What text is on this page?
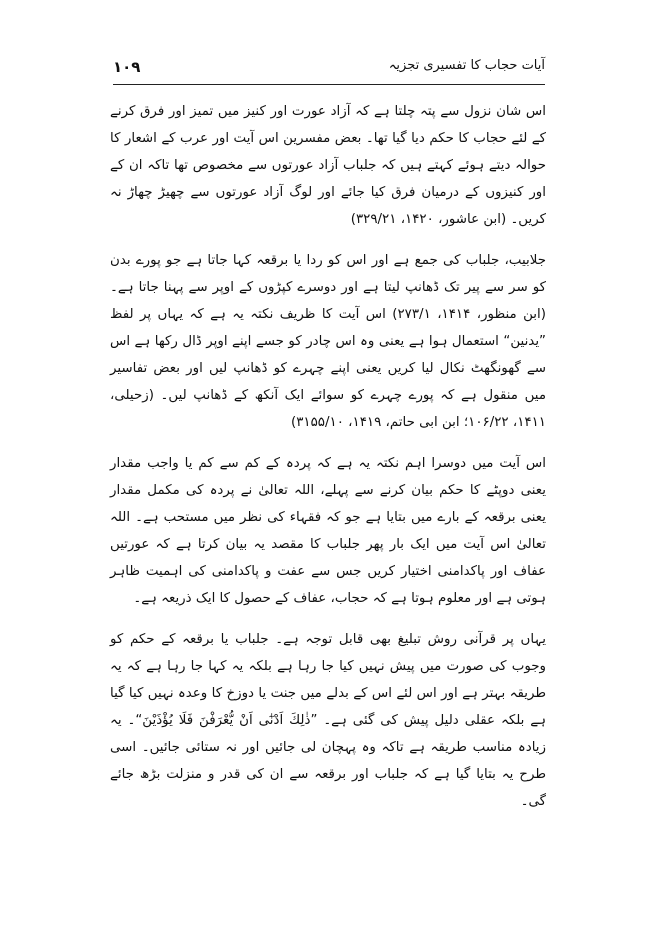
۱۰۹	آیات حجاب کا تفسیری تجزیہ

اس شان نزول سے پتہ چلتا ہے کہ آزاد عورت اور کنیز میں تمیز اور فرق کرنے کے لئے حجاب کا حکم دیا گیا تھا۔ بعض مفسرین اس آیت اور عرب کے اشعار کا حوالہ دیتے ہوئے کہتے ہیں کہ جلباب آزاد عورتوں سے مخصوص تھا تاکہ ان کے اور کنیزوں کے درمیان فرق کیا جائے اور لوگ آزاد عورتوں سے چھیڑ چھاڑ نہ کریں۔ (ابن عاشور، ۱۴۲۰، ۳۲۹/۲۱)

جلابیب، جلباب کی جمع ہے اور اس کو ردا یا برقعہ کہا جاتا ہے جو پورے بدن کو سر سے پیر تک ڈھانپ لیتا ہے اور دوسرے کپڑوں کے اوپر سے پہنا جاتا ہے۔ (ابن منظور، ۱۴۱۴، ۲۷۳/۱) اس آیت کا ظریف نکتہ یہ ہے کہ یہاں پر لفظ ”یدنین“ استعمال ہوا ہے یعنی وہ اس چادر کو جسے اپنے اوپر ڈال رکھا ہے اس سے گھونگھٹ نکال لیا کریں یعنی اپنے چہرے کو ڈھانپ لیں اور بعض تفاسیر میں منقول ہے کہ پورے چہرے کو سوائے ایک آنکھ کے ڈھانپ لیں۔ (زحیلی، ۱۴۱۱، ۱۰۶/۲۲؛ ابن ابی حاتم، ۱۴۱۹، ۳۱۵۵/۱۰)

اس آیت میں دوسرا اہم نکتہ یہ ہے کہ پردہ کے کم سے کم یا واجب مقدار یعنی دوپٹے کا حکم بیان کرنے سے پہلے، اللہ تعالیٰ نے پردہ کی مکمل مقدار یعنی برقعہ کے بارے میں بتایا ہے جو کہ فقہاء کی نظر میں مستحب ہے۔ اللہ تعالیٰ اس آیت میں ایک بار پھر جلباب کا مقصد یہ بیان کرتا ہے کہ عورتیں عفاف اور پاکدامنی اختیار کریں جس سے عفت و پاکدامنی کی اہمیت ظاہر ہوتی ہے اور معلوم ہوتا ہے کہ حجاب، عفاف کے حصول کا ایک ذریعہ ہے۔

یہاں پر قرآنی روش تبلیغ بھی قابل توجہ ہے۔ جلباب یا برقعہ کے حکم کو وجوب کی صورت میں پیش نہیں کیا جا رہا ہے بلکہ یہ کہا جا رہا ہے کہ یہ طریقہ بہتر ہے اور اس لئے اس کے بدلے میں جنت یا دوزخ کا وعدہ نہیں کیا گیا ہے بلکہ عقلی دلیل پیش کی گئی ہے۔ ”ذٰلِكَ اَدْنٰٓى اَنْ يُّعْرَفْنَ فَلَا يُؤْذَيْنَ“۔ یہ زیادہ مناسب طریقہ ہے تاکہ وہ پہچان لی جائیں اور نہ ستائی جائیں۔ اسی طرح یہ بتایا گیا ہے کہ جلباب اور برقعہ سے ان کی قدر و منزلت بڑھ جائے گی۔
